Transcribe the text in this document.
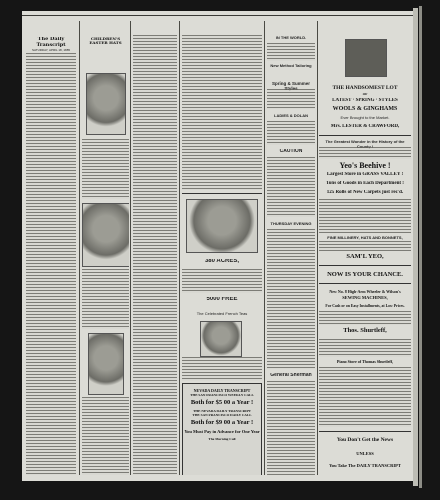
The Daily Transcript
SATURDAY, APRIL 18, 1885
CHILDREN'S EASTER HATS
380 ACRES,
5000 FREE
The Celebrated French Teas
NEVADA DAILY TRANSCRIPT
THE SAN FRANCISCO WEEKLY CALL
Both for $5 00 a Year !
THE NEVADA DAILY TRANSCRIPT
THE SAN FRANCISCO DAILY CALL
Both for $9 00 a Year !
You Must Pay in Advance for One Year
The Morning Call
IN THE WORLD.
New Method Tailoring
Spring & Summer
LADIES & DOLAN
CAUTION
THURSDAY EVENING
General Sherman
THE HANDSOMEST LOT
OF
LATEST · SPRING · STYLES
WOOLS & GINGHAMS
Ever Brought to the Market.
Mrs. LESTER & CRAWFORD,
The Greatest Wonder in the History of the
Yeo's Beehive !
Largest Store in GRASS VALLEY !
Tons of Goods in Each Department !
125 Rolls of New Carpets just rec'd.
FINE MILLINERY, HATS AND BONNETS,
SAM'L YEO,
NOW IS YOUR CHANCE.
New No. 8 High-Arm Wheeler & Wilson's
SEWING MACHINES,
For Cash or on Easy Installments, at Low Prices.
Thos. Shurtleff,
Piano Store of Thomas Shurtleff,
You Don't Get the News
UNLESS
You Take The DAILY TRANSCRIPT
